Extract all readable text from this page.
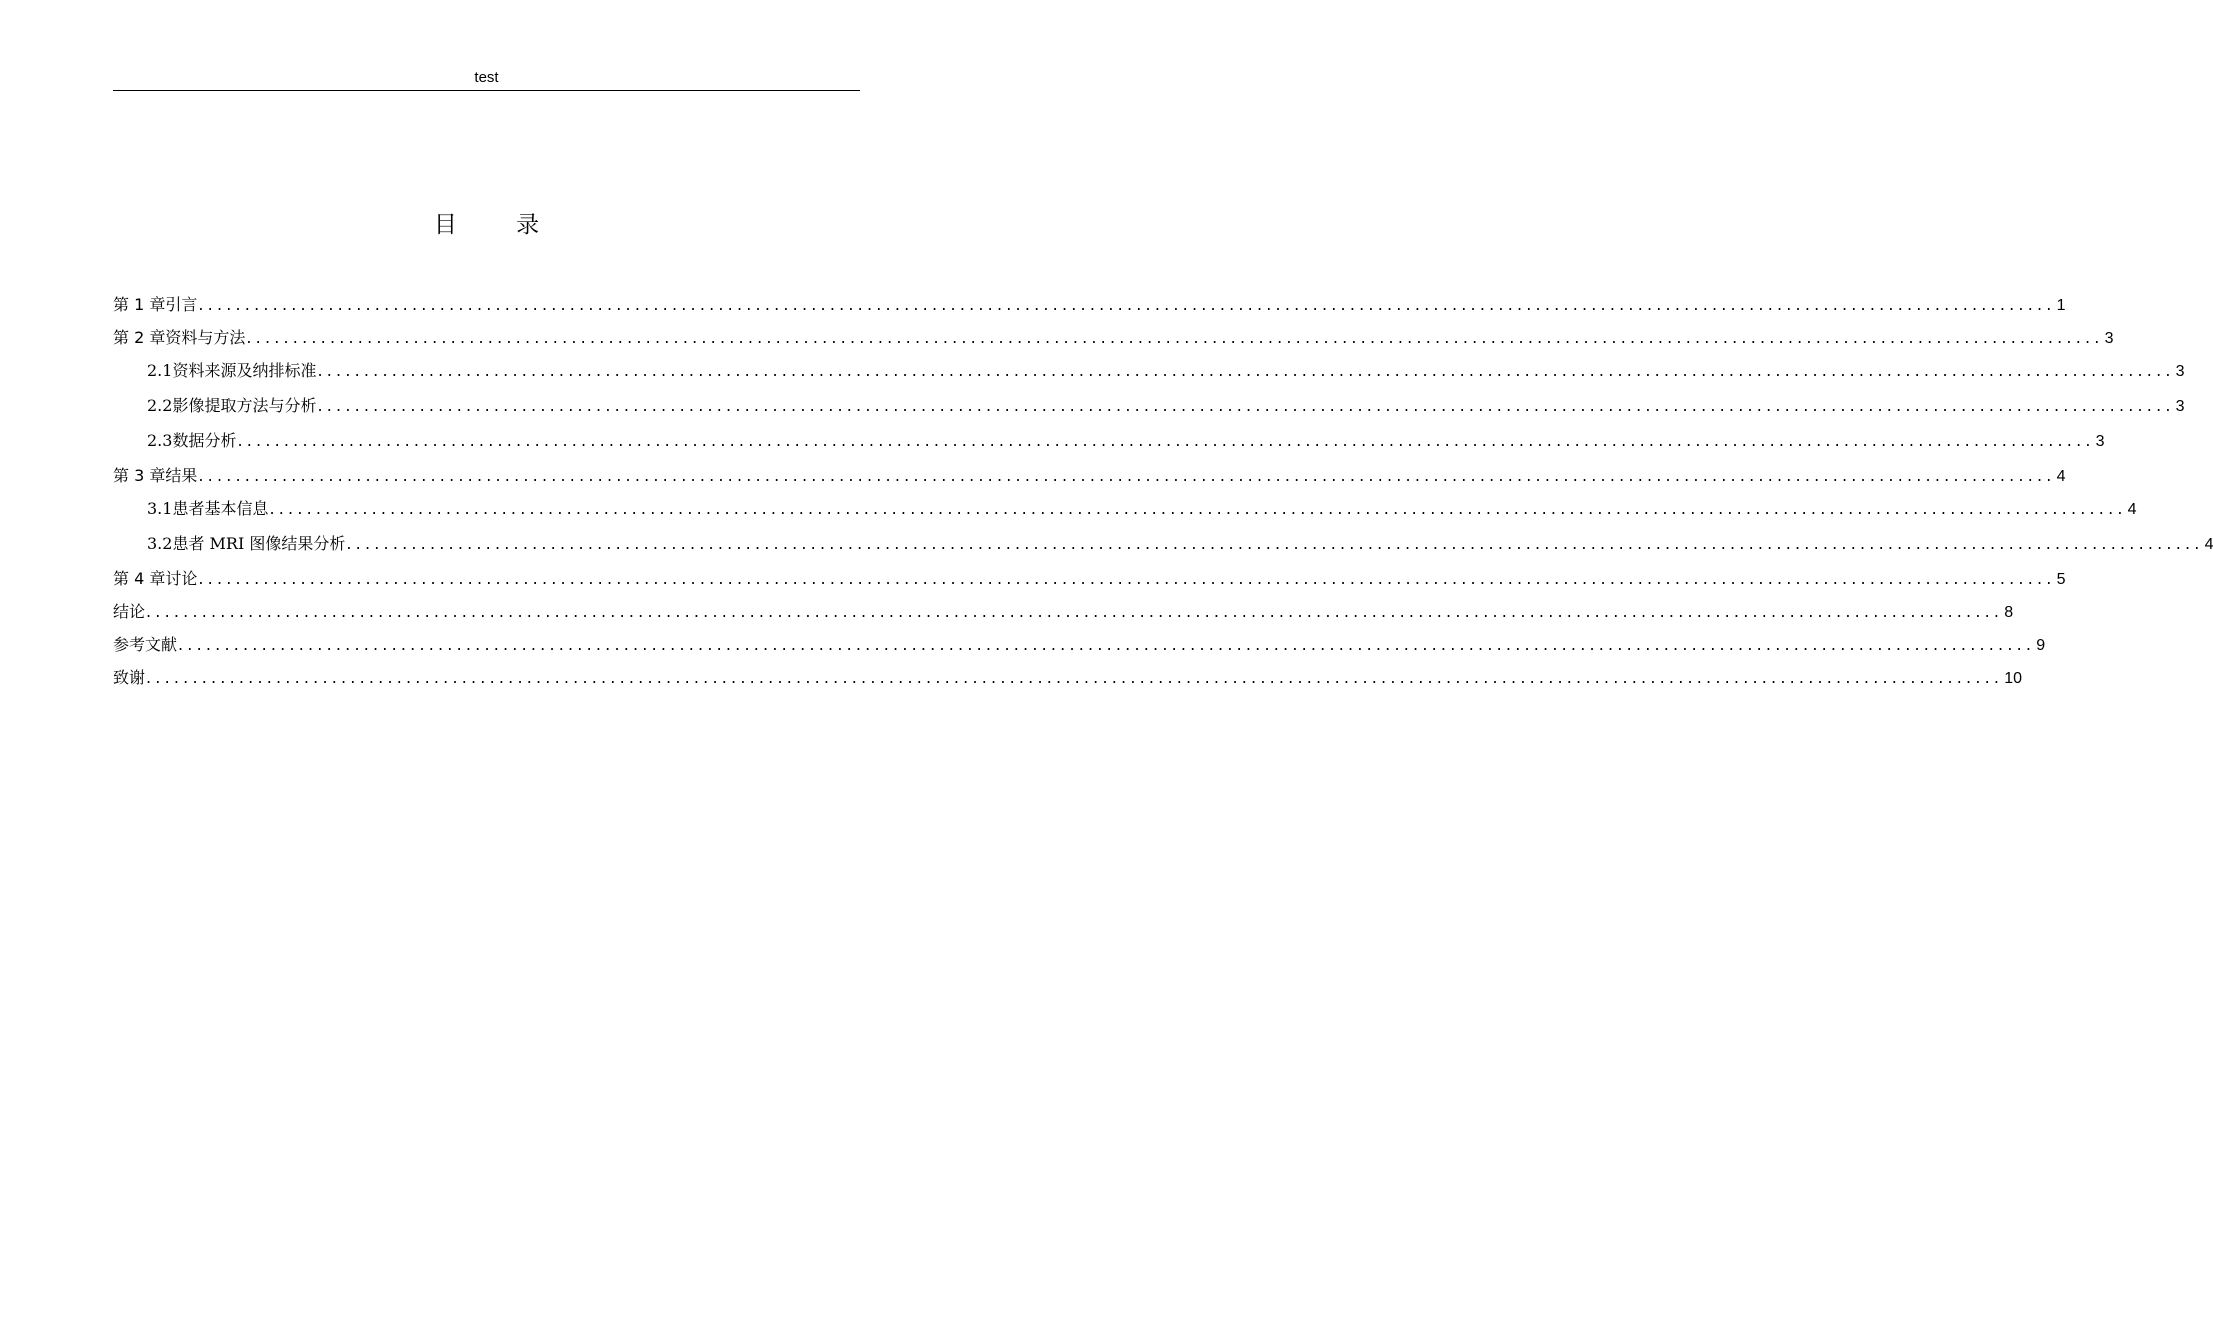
test
目 录
第 1 章 引言 ........................................................................................................................................................................................................ 1
第 2 章 资料与方法 ........................................................................................................................................................................................................ 3
2.1 资料来源及纳排标准 ........................................................................................................................................................................................................ 3
2.2 影像提取方法与分析 ........................................................................................................................................................................................................ 3
2.3 数据分析 ........................................................................................................................................................................................................ 3
第 3 章 结果 ........................................................................................................................................................................................................ 4
3.1 患者基本信息 ........................................................................................................................................................................................................ 4
3.2 患者 MRI 图像结果分析 ........................................................................................................................................................................................................ 4
第 4 章 讨论 ........................................................................................................................................................................................................ 5
结论 ........................................................................................................................................................................................................ 8
参考文献 ........................................................................................................................................................................................................ 9
致谢 ........................................................................................................................................................................................................ 10
